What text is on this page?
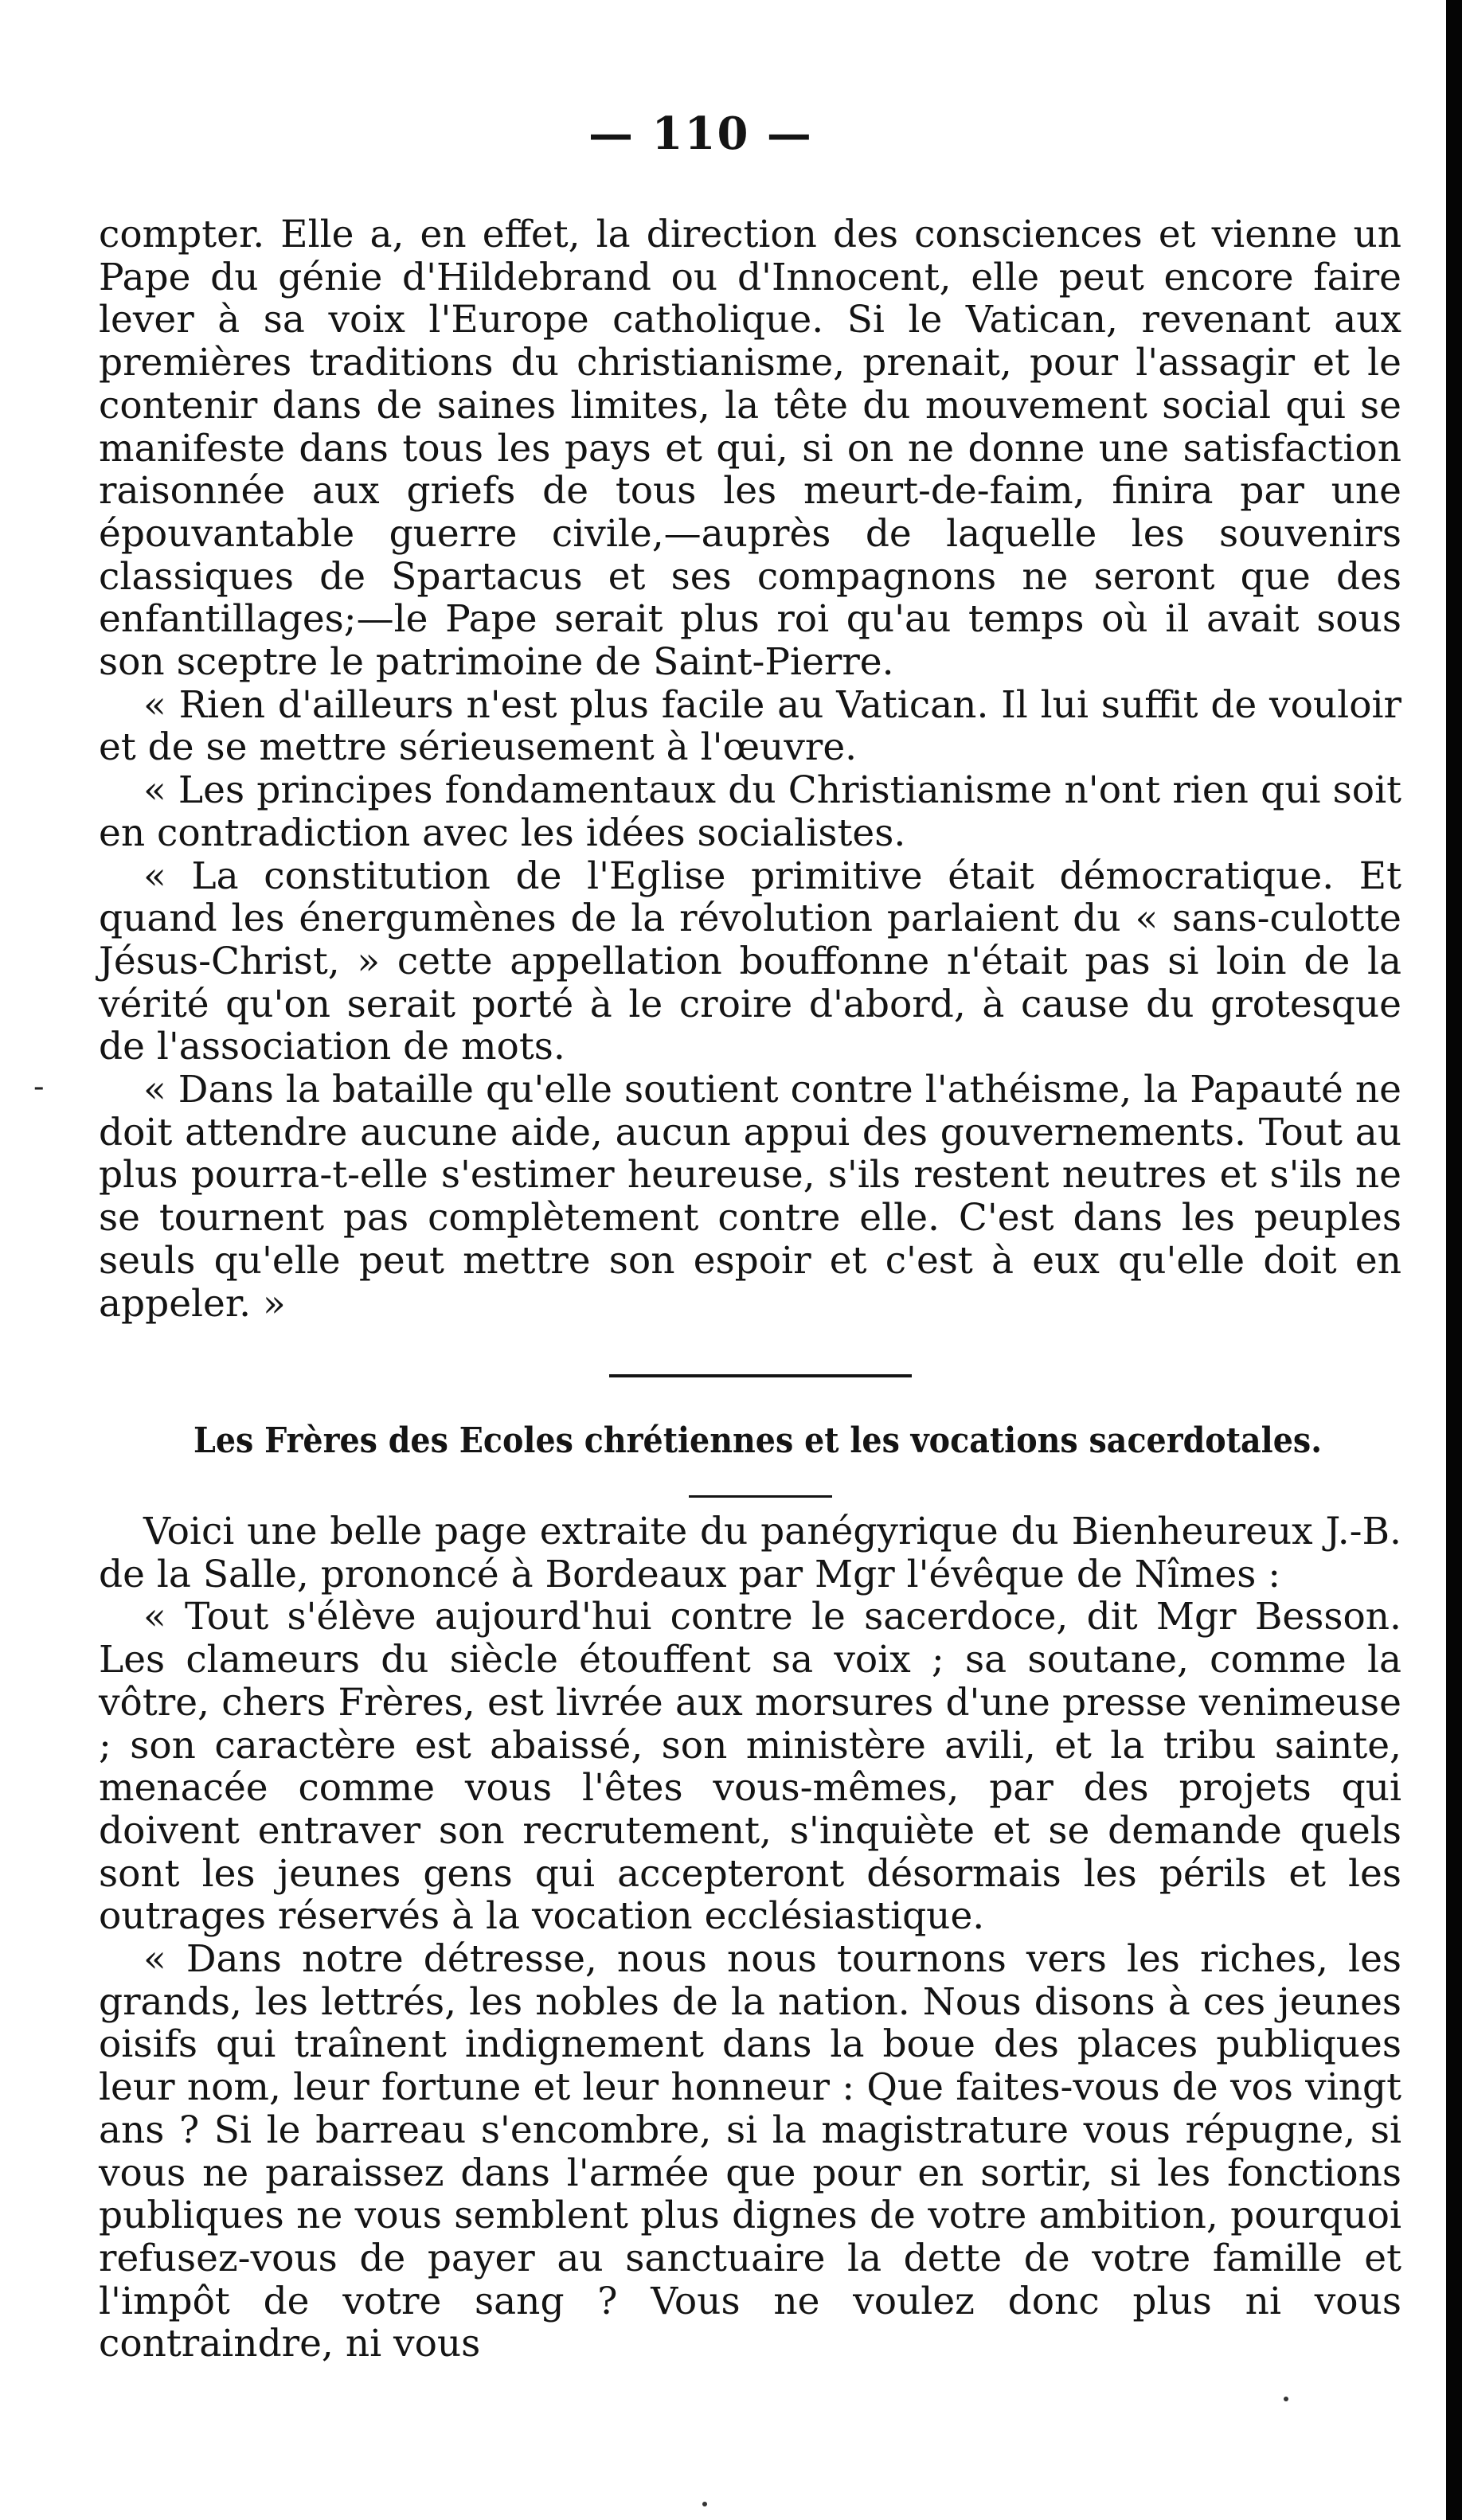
— 110 —
-

compter. Elle a, en effet, la direction des consciences et vienne un Pape du génie d'Hildebrand ou d'Innocent, elle peut encore faire lever à sa voix l'Europe catholique. Si le Vatican, revenant aux premières traditions du christianisme, prenait, pour l'assagir et le contenir dans de saines limites, la tête du mouvement social qui se manifeste dans tous les pays et qui, si on ne donne une satisfaction raisonnée aux griefs de tous les meurt-de-faim, finira par une épouvantable guerre civile,—auprès de laquelle les souvenirs classiques de Spartacus et ses compagnons ne seront que des enfantillages;—le Pape serait plus roi qu'au temps où il avait sous son sceptre le patrimoine de Saint-Pierre.

« Rien d'ailleurs n'est plus facile au Vatican. Il lui suffit de vouloir et de se mettre sérieusement à l'œuvre.

« Les principes fondamentaux du Christianisme n'ont rien qui soit en contradiction avec les idées socialistes.

« La constitution de l'Eglise primitive était démocratique. Et quand les énergumènes de la révolution parlaient du « sans-culotte Jésus-Christ, » cette appellation bouffonne n'était pas si loin de la vérité qu'on serait porté à le croire d'abord, à cause du grotesque de l'association de mots.

« Dans la bataille qu'elle soutient contre l'athéisme, la Papauté ne doit attendre aucune aide, aucun appui des gouvernements. Tout au plus pourra-t-elle s'estimer heureuse, s'ils restent neutres et s'ils ne se tournent pas complètement contre elle. C'est dans les peuples seuls qu'elle peut mettre son espoir et c'est à eux qu'elle doit en appeler. »

Les Frères des Ecoles chrétiennes et les vocations sacerdotales.

Voici une belle page extraite du panégyrique du Bienheureux J.-B. de la Salle, prononcé à Bordeaux par Mgr l'évêque de Nîmes :

« Tout s'élève aujourd'hui contre le sacerdoce, dit Mgr Besson. Les clameurs du siècle étouffent sa voix ; sa soutane, comme la vôtre, chers Frères, est livrée aux morsures d'une presse venimeuse ; son caractère est abaissé, son ministère avili, et la tribu sainte, menacée comme vous l'êtes vous-mêmes, par des projets qui doivent entraver son recrutement, s'inquiète et se demande quels sont les jeunes gens qui accepteront désormais les périls et les outrages réservés à la vocation ecclésiastique.

« Dans notre détresse, nous nous tournons vers les riches, les grands, les lettrés, les nobles de la nation. Nous disons à ces jeunes oisifs qui traînent indignement dans la boue des places publiques leur nom, leur fortune et leur honneur : Que faites-vous de vos vingt ans ? Si le barreau s'encombre, si la magistrature vous répugne, si vous ne paraissez dans l'armée que pour en sortir, si les fonctions publiques ne vous semblent plus dignes de votre ambition, pourquoi refusez-vous de payer au sanctuaire la dette de votre famille et l'impôt de votre sang ? Vous ne voulez donc plus ni vous contraindre, ni vous
